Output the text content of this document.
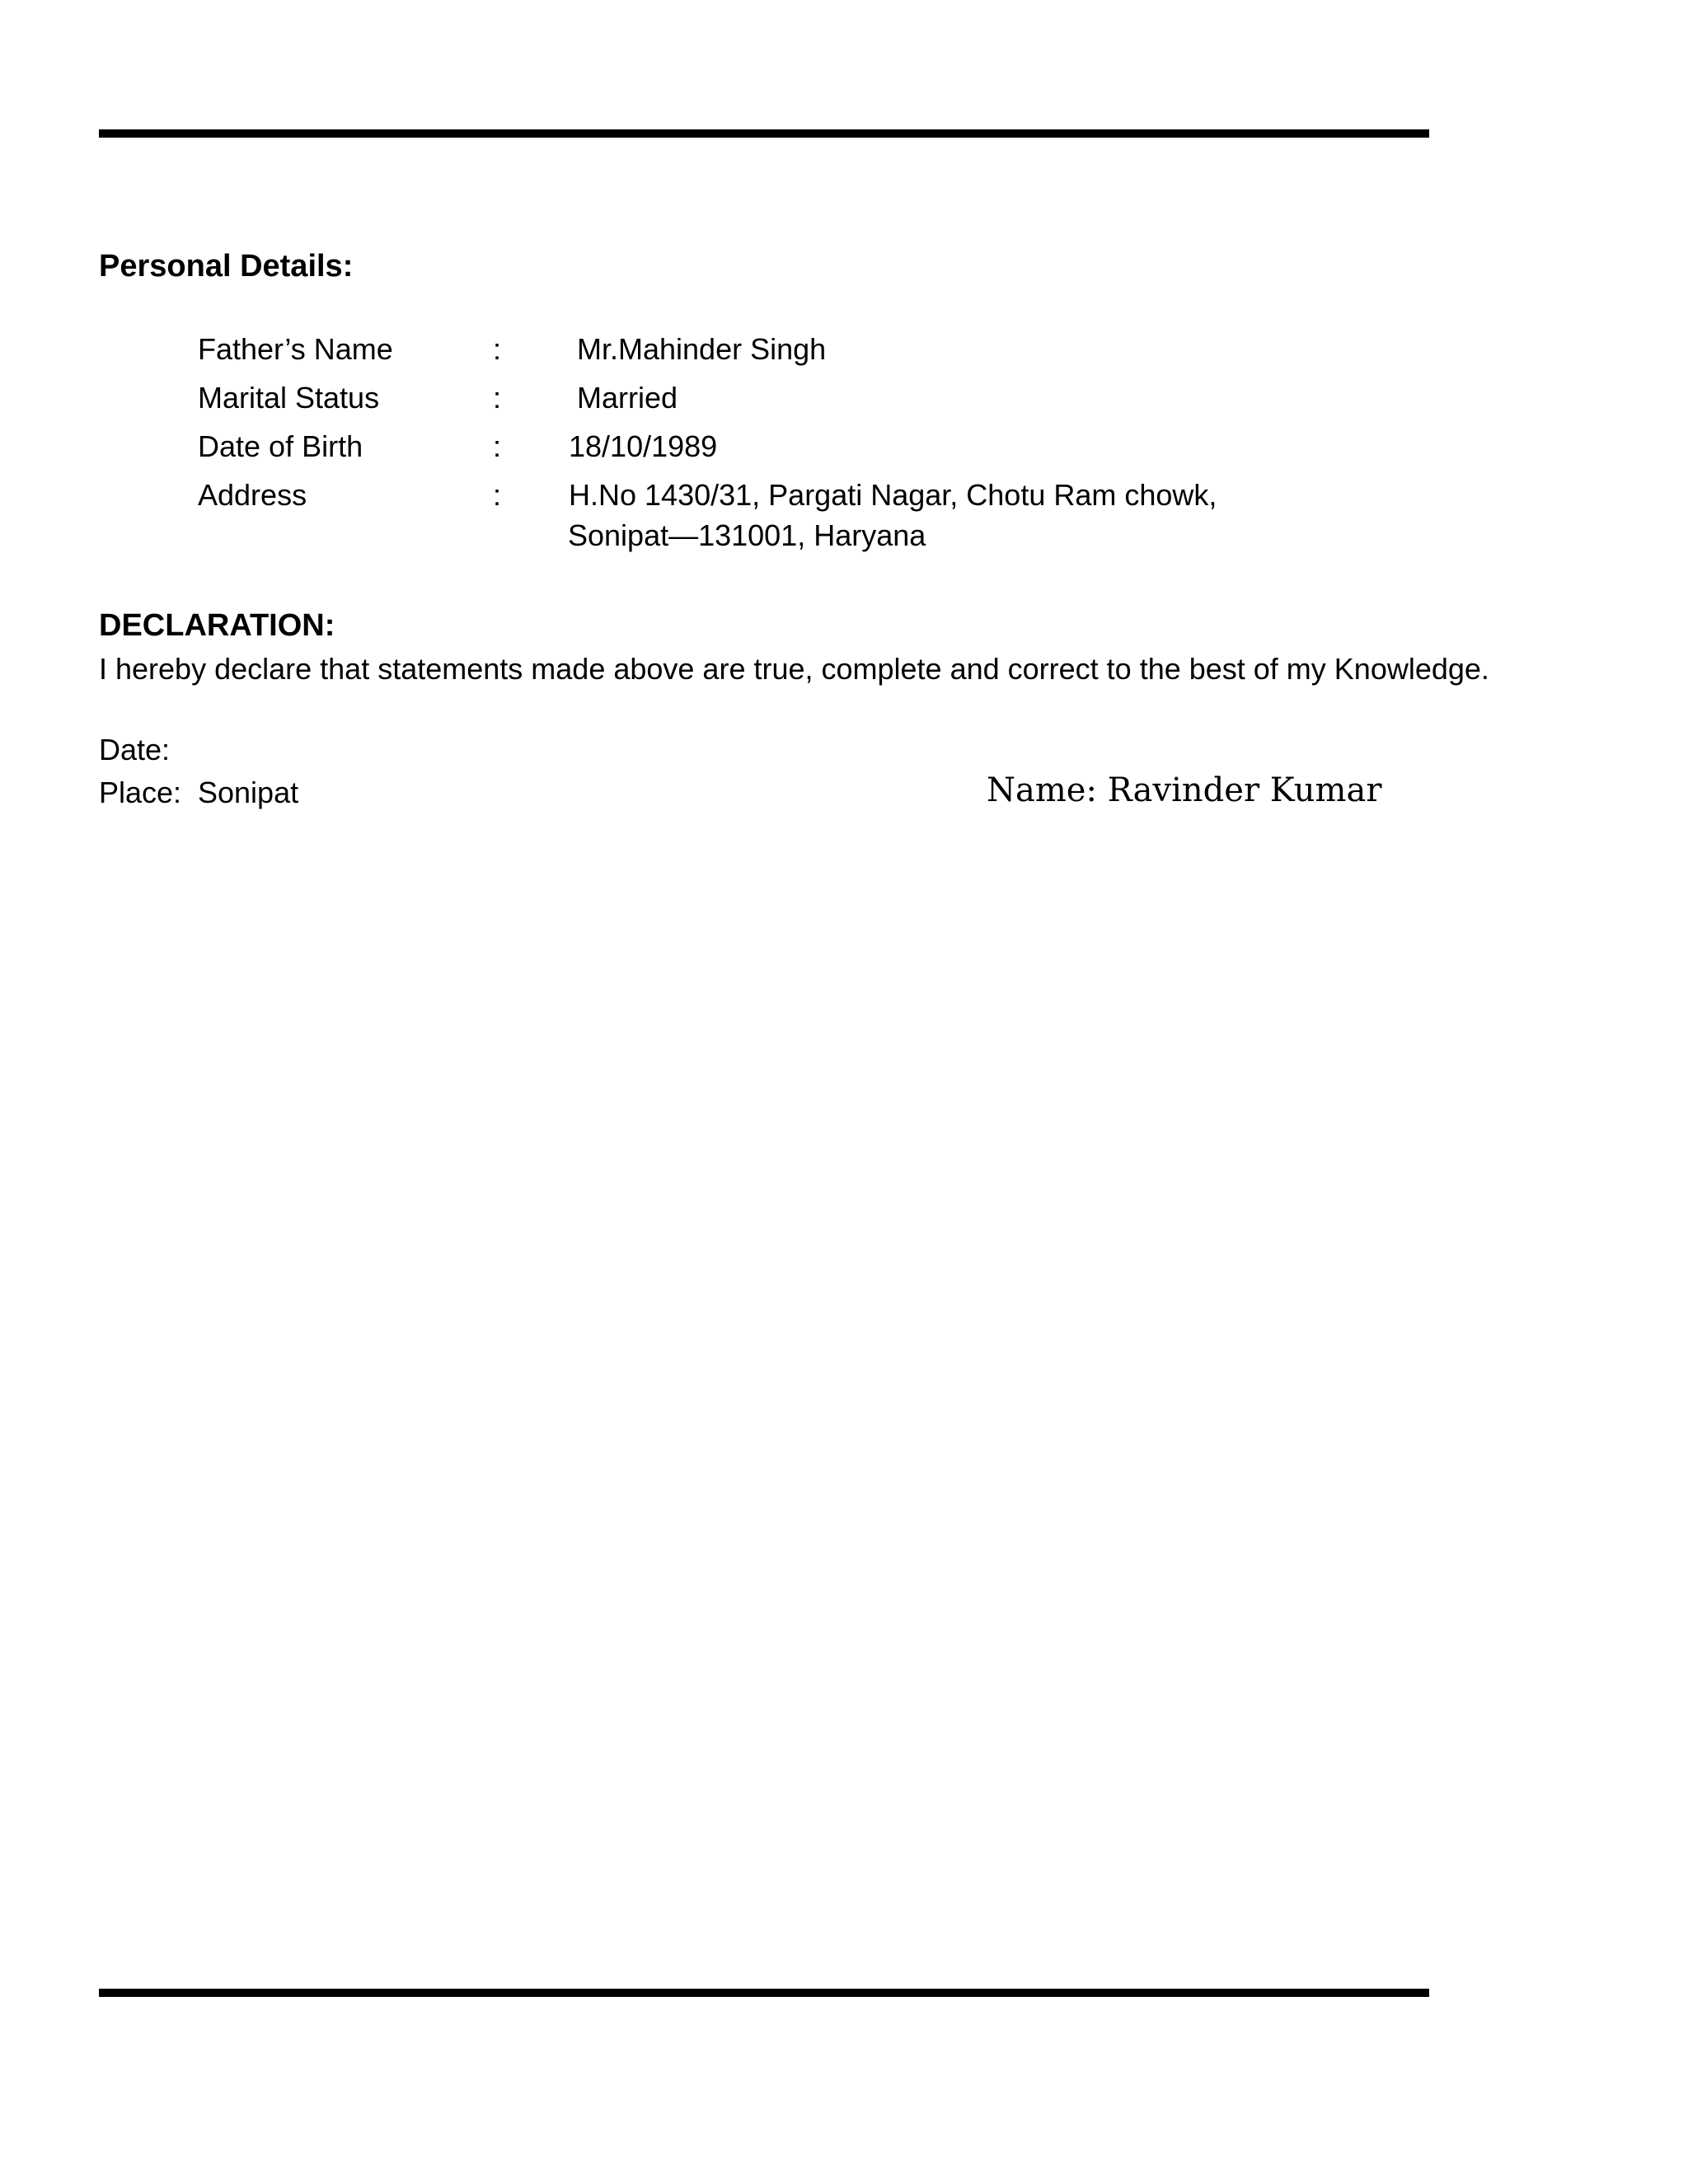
Personal Details:
Father’s Name	:	Mr.Mahinder Singh
Marital Status	:	Married
Date of Birth	: 18/10/1989
Address	: H.No 1430/31, Pargati Nagar, Chotu Ram chowk,
Sonipat—131001, Haryana
DECLARATION:
I hereby declare that statements made above are true, complete and correct to the best of my Knowledge.
Date:
Place: Sonipat	Name: Ravinder Kumar
